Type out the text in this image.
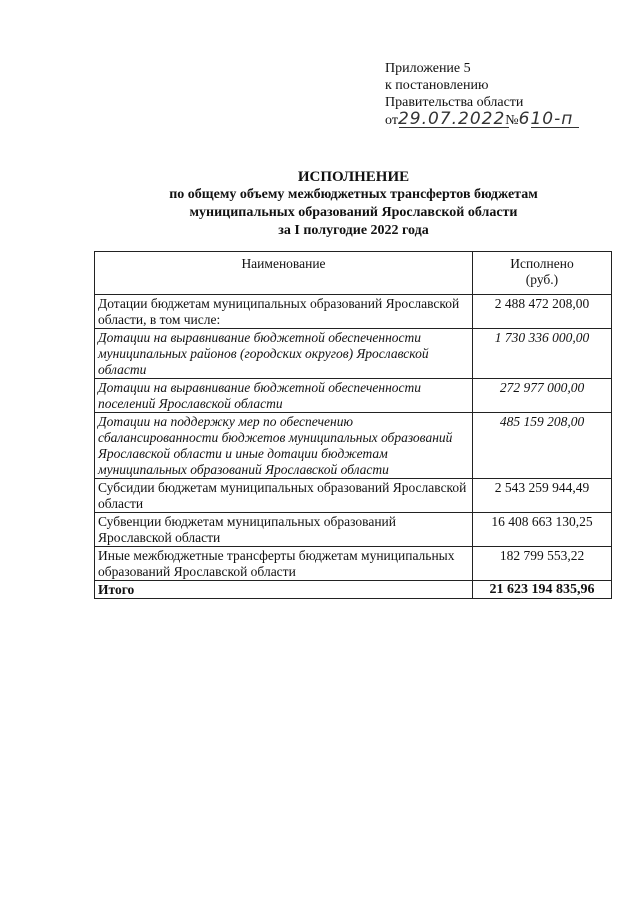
Приложение 5
к постановлению
Правительства области
от29.07.2022№610-п
ИСПОЛНЕНИЕ
по общему объему межбюджетных трансфертов бюджетам
муниципальных образований Ярославской области
за I полугодие 2022 года
Наименование	Исполнено
(руб.)

Дотации бюджетам муниципальных образований Ярославской области, в том числе:	2 488 472 208,00
Дотации на выравнивание бюджетной обеспеченности муниципальных районов (городских округов) Ярославской области	1 730 336 000,00
Дотации на выравнивание бюджетной обеспеченности поселений Ярославской области	272 977 000,00
Дотации на поддержку мер по обеспечению сбалансированности бюджетов муниципальных образований Ярославской области и иные дотации бюджетам муниципальных образований Ярославской области	485 159 208,00
Субсидии бюджетам муниципальных образований Ярославской области	2 543 259 944,49
Субвенции бюджетам муниципальных образований Ярославской области	16 408 663 130,25
Иные межбюджетные трансферты бюджетам муниципальных образований Ярославской области	182 799 553,22
Итого	21 623 194 835,96
